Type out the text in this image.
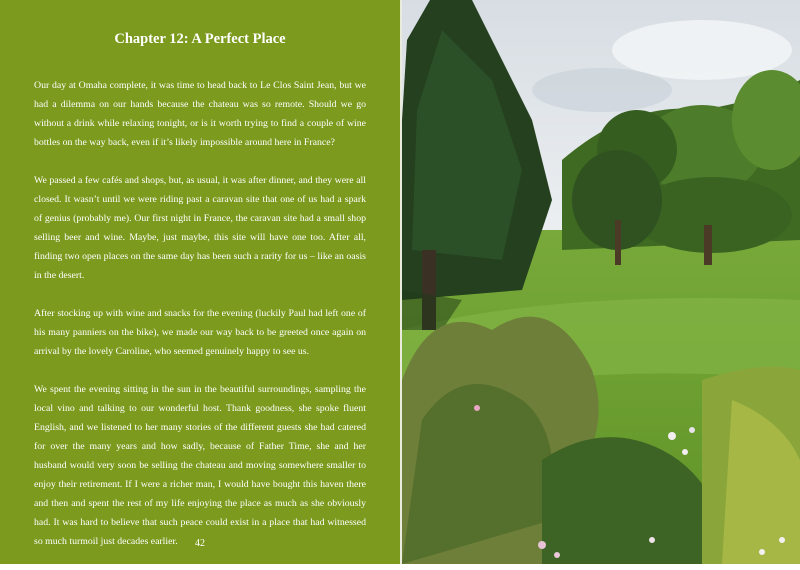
Chapter 12: A Perfect Place

Our day at Omaha complete, it was time to head back to Le Clos Saint Jean, but we had a dilemma on our hands because the chateau was so remote. Should we go without a drink while relaxing tonight, or is it worth trying to find a couple of wine bottles on the way back, even if it’s likely impossible around here in France?

We passed a few cafés and shops, but, as usual, it was after dinner, and they were all closed. It wasn’t until we were riding past a caravan site that one of us had a spark of genius (probably me). Our first night in France, the caravan site had a small shop selling beer and wine. Maybe, just maybe, this site will have one too. After all, finding two open places on the same day has been such a rarity for us – like an oasis in the desert.

After stocking up with wine and snacks for the evening (luckily Paul had left one of his many panniers on the bike), we made our way back to be greeted once again on arrival by the lovely Caroline, who seemed genuinely happy to see us.

We spent the evening sitting in the sun in the beautiful surroundings, sampling the local vino and talking to our wonderful host. Thank goodness, she spoke fluent English, and we listened to her many stories of the different guests she had catered for over the many years and how sadly, because of Father Time, she and her husband would very soon be selling the chateau and moving somewhere smaller to enjoy their retirement. If I were a richer man, I would have bought this haven there and then and spent the rest of my life enjoying the place as much as she obviously had. It was hard to believe that such peace could exist in a place that had witnessed so much turmoil just decades earlier.	42
